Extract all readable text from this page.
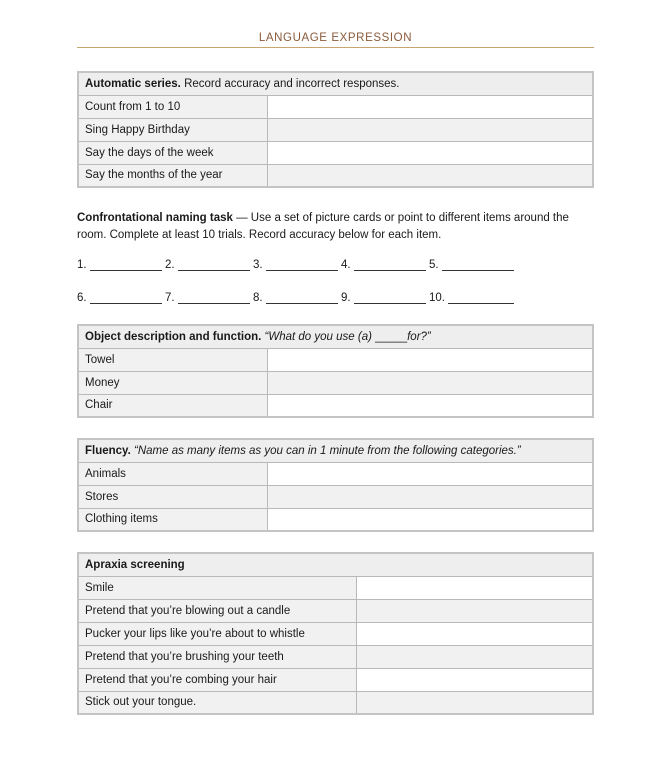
LANGUAGE EXPRESSION
Automatic series. Record accuracy and incorrect responses.	
Count from 1 to 10	
Sing Happy Birthday	
Say the days of the week	
Say the months of the year	
Confrontational naming task — Use a set of picture cards or point to different items around the room. Complete at least 10 trials. Record accuracy below for each item.
1.	2.	3.	4.	5.
6.	7.	8.	9.	10.
Object description and function. “What do you use (a) _____for?”	
Towel	
Money	
Chair	
Fluency. “Name as many items as you can in 1 minute from the following categories.”	
Animals	
Stores	
Clothing items	
Apraxia screening	
Smile	
Pretend that you’re blowing out a candle	
Pucker your lips like you’re about to whistle	
Pretend that you’re brushing your teeth	
Pretend that you’re combing your hair	
Stick out your tongue.	
